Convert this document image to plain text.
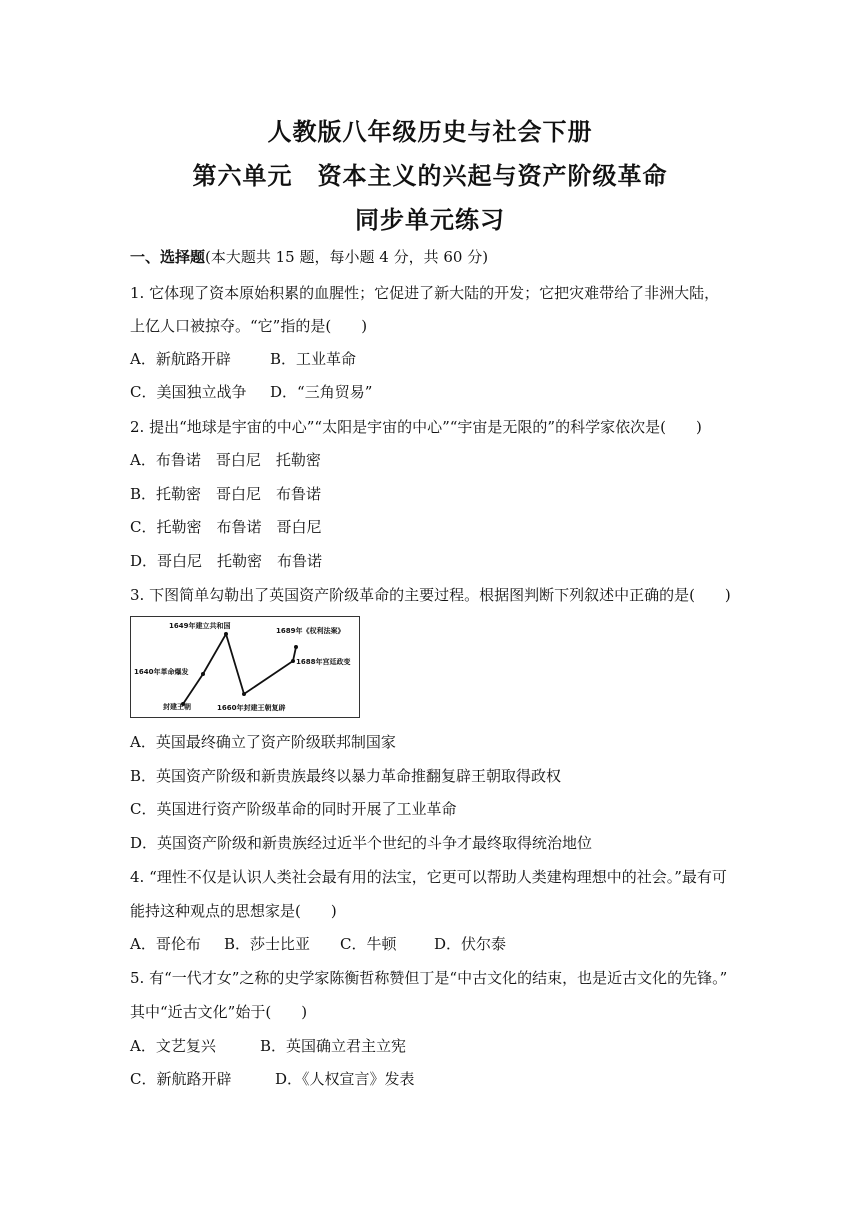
人教版八年级历史与社会下册
第六单元　资本主义的兴起与资产阶级革命
同步单元练习
一、选择题(本大题共 15 题，每小题 4 分，共 60 分)
1. 它体现了资本原始积累的血腥性；它促进了新大陆的开发；它把灾难带给了非洲大陆，
上亿人口被掠夺。“它”指的是(　　)
A．新航路开辟	B．工业革命
C．美国独立战争 D．“三角贸易”
2. 提出“地球是宇宙的中心”“太阳是宇宙的中心”“宇宙是无限的”的科学家依次是(　　)
A．布鲁诺　哥白尼　托勒密
B．托勒密　哥白尼　布鲁诺
C．托勒密　布鲁诺　哥白尼
D．哥白尼　托勒密　布鲁诺
3. 下图简单勾勒出了英国资产阶级革命的主要过程。根据图判断下列叙述中正确的是(　　)
封建王朝
1640年革命爆发
1649年建立共和国
1660年封建王朝复辟
1688年宫廷政变
1689年《权利法案》
A．英国最终确立了资产阶级联邦制国家
B．英国资产阶级和新贵族最终以暴力革命推翻复辟王朝取得政权
C．英国进行资产阶级革命的同时开展了工业革命
D．英国资产阶级和新贵族经过近半个世纪的斗争才最终取得统治地位
4. “理性不仅是认识人类社会最有用的法宝，它更可以帮助人类建构理想中的社会。”最有可
能持这种观点的思想家是(　　)
A．哥伦布 B．莎士比亚 C．牛顿	D．伏尔泰
5. 有“一代才女”之称的史学家陈衡哲称赞但丁是“中古文化的结束，也是近古文化的先锋。”
其中“近古文化”始于(　　)
A．文艺复兴	B．英国确立君主立宪
C．新航路开辟	D．《人权宣言》发表
